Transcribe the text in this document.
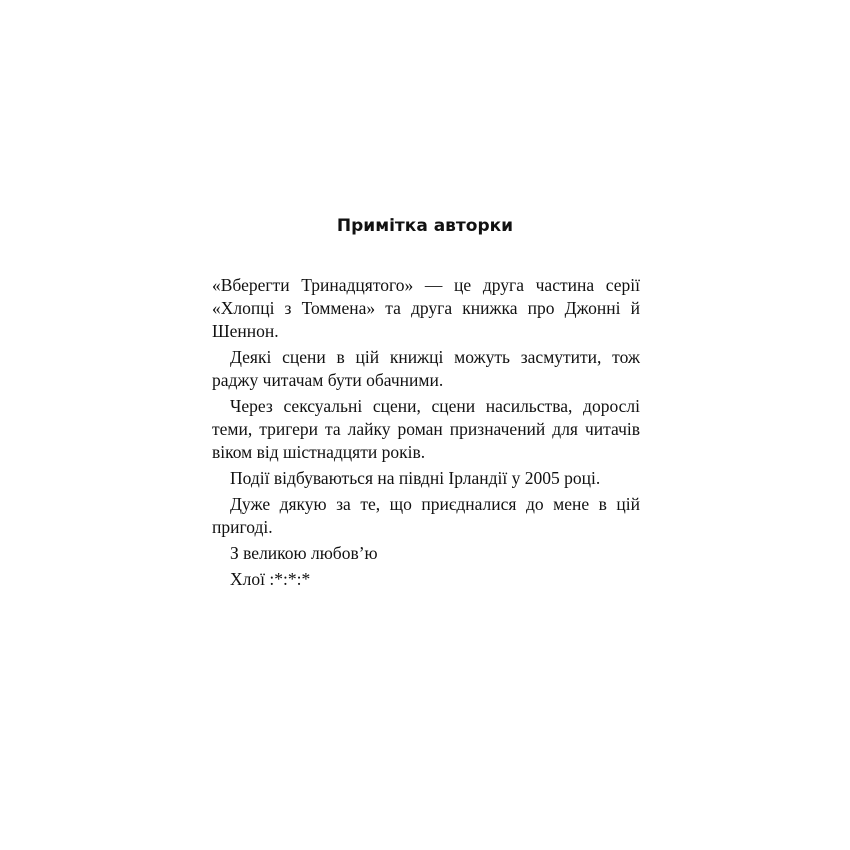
Примітка авторки

«Вберегти Тринадцятого» — це друга частина серії «Хлопці з Томмена» та друга книжка про Джонні й Шеннон.

Деякі сцени в цій книжці можуть засмутити, тож раджу читачам бути обачними.

Через сексуальні сцени, сцени насильства, дорослі теми, тригери та лайку роман призначений для читачів віком від шістнадцяти років.

Події відбуваються на півдні Ірландії у 2005 році.

Дуже дякую за те, що приєдналися до мене в цій пригоді.

З великою любов’ю

Хлої :*:*:*
